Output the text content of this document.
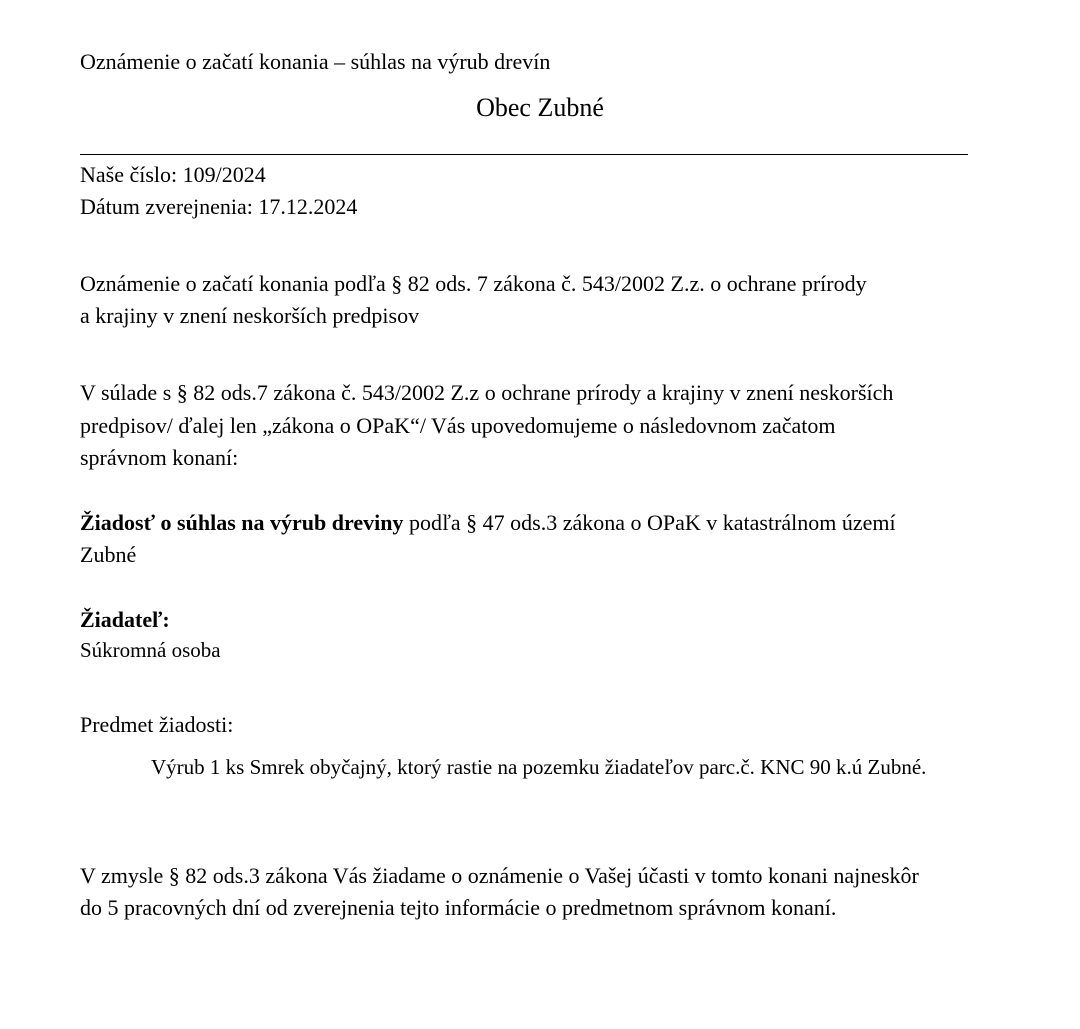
Oznámenie o začatí konania – súhlas na výrub drevín
Obec Zubné
Naše číslo: 109/2024
Dátum zverejnenia: 17.12.2024
Oznámenie o začatí konania podľa § 82 ods. 7 zákona č. 543/2002 Z.z. o ochrane prírody
a krajiny v znení neskorších predpisov
V súlade s § 82 ods.7 zákona č. 543/2002 Z.z o ochrane prírody a krajiny v znení neskorších
predpisov/ ďalej len „zákona o OPaK“/ Vás upovedomujeme o následovnom začatom
správnom konaní:
Žiadosť o súhlas na výrub dreviny podľa § 47 ods.3 zákona o OPaK v katastrálnom území
Zubné
Žiadateľ:
Súkromná osoba
Predmet žiadosti:
Výrub 1 ks Smrek obyčajný, ktorý rastie na pozemku žiadateľov parc.č. KNC 90 k.ú Zubné.
V zmysle § 82 ods.3 zákona Vás žiadame o oznámenie o Vašej účasti v tomto konani najneskôr
do 5 pracovných dní od zverejnenia tejto informácie o predmetnom správnom konaní.
